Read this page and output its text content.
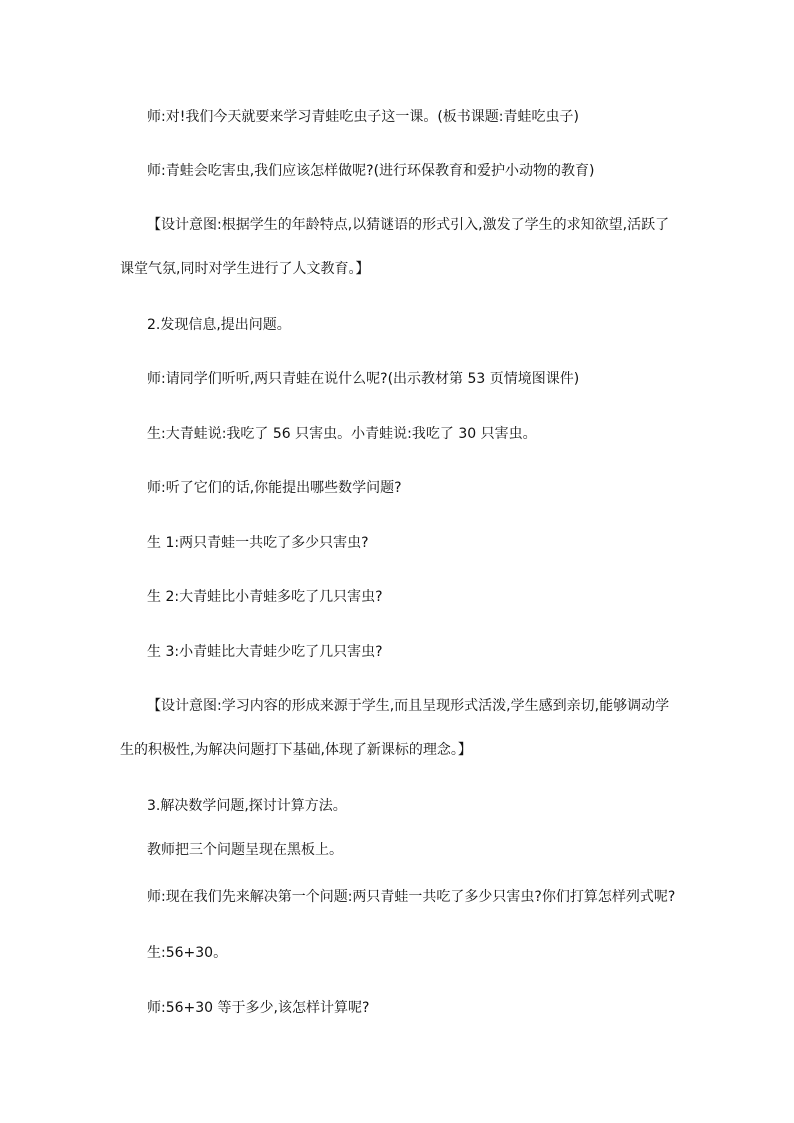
师:对!我们今天就要来学习青蛙吃虫子这一课。(板书课题:青蛙吃虫子)
师:青蛙会吃害虫,我们应该怎样做呢?(进行环保教育和爱护小动物的教育)
【设计意图:根据学生的年龄特点,以猜谜语的形式引入,激发了学生的求知欲望,活跃了
课堂气氛,同时对学生进行了人文教育。】
2.发现信息,提出问题。
师:请同学们听听,两只青蛙在说什么呢?(出示教材第 53 页情境图课件)
生:大青蛙说:我吃了 56 只害虫。小青蛙说:我吃了 30 只害虫。
师:听了它们的话,你能提出哪些数学问题?
生 1:两只青蛙一共吃了多少只害虫?
生 2:大青蛙比小青蛙多吃了几只害虫?
生 3:小青蛙比大青蛙少吃了几只害虫?
【设计意图:学习内容的形成来源于学生,而且呈现形式活泼,学生感到亲切,能够调动学
生的积极性,为解决问题打下基础,体现了新课标的理念。】
3.解决数学问题,探讨计算方法。
教师把三个问题呈现在黑板上。
师:现在我们先来解决第一个问题:两只青蛙一共吃了多少只害虫?你们打算怎样列式呢?
生:56+30。
师:56+30 等于多少,该怎样计算呢?
